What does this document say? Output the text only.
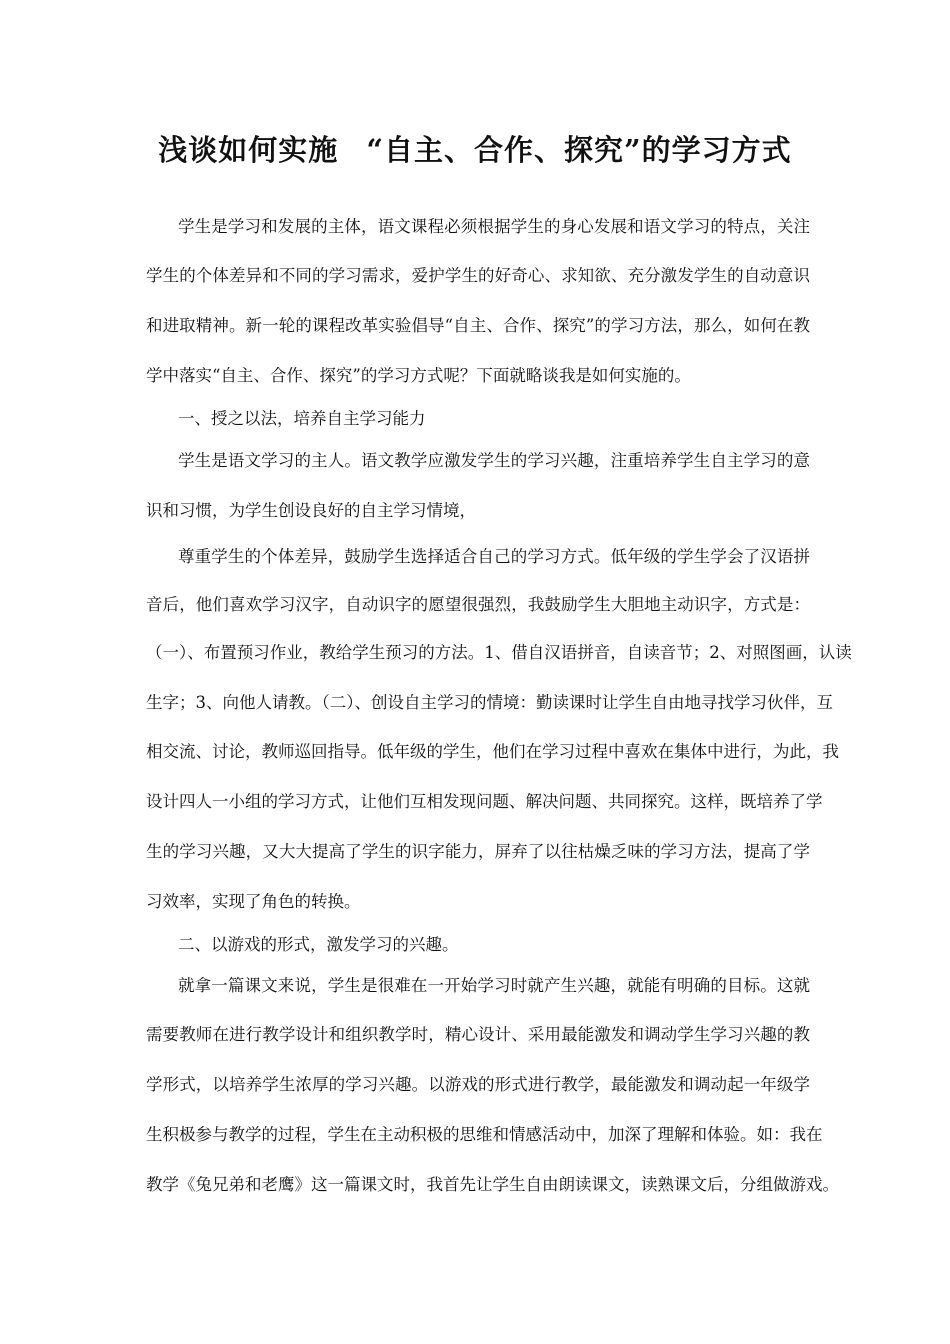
浅谈如何实施 “自主、合作、探究”的学习方式
学生是学习和发展的主体，语文课程必须根据学生的身心发展和语文学习的特点，关注
学生的个体差异和不同的学习需求，爱护学生的好奇心、求知欲、充分激发学生的自动意识
和进取精神。新一轮的课程改革实验倡导“自主、合作、探究”的学习方法，那么，如何在教
学中落实“自主、合作、探究”的学习方式呢？下面就略谈我是如何实施的。
一、授之以法，培养自主学习能力
学生是语文学习的主人。语文教学应激发学生的学习兴趣，注重培养学生自主学习的意
识和习惯，为学生创设良好的自主学习情境，
尊重学生的个体差异，鼓励学生选择适合自己的学习方式。低年级的学生学会了汉语拼
音后，他们喜欢学习汉字，自动识字的愿望很强烈，我鼓励学生大胆地主动识字，方式是：
（一）、布置预习作业，教给学生预习的方法。1、借自汉语拼音，自读音节；2、对照图画，认读
生字；3、向他人请教。（二）、创设自主学习的情境：勤读课时让学生自由地寻找学习伙伴，互
相交流、讨论，教师巡回指导。低年级的学生，他们在学习过程中喜欢在集体中进行，为此，我
设计四人一小组的学习方式，让他们互相发现问题、解决问题、共同探究。这样，既培养了学
生的学习兴趣，又大大提高了学生的识字能力，屏弃了以往枯燥乏味的学习方法，提高了学
习效率，实现了角色的转换。
二、以游戏的形式，激发学习的兴趣。
就拿一篇课文来说，学生是很难在一开始学习时就产生兴趣，就能有明确的目标。这就
需要教师在进行教学设计和组织教学时，精心设计、采用最能激发和调动学生学习兴趣的教
学形式，以培养学生浓厚的学习兴趣。以游戏的形式进行教学，最能激发和调动起一年级学
生积极参与教学的过程，学生在主动积极的思维和情感活动中，加深了理解和体验。如：我在
教学《兔兄弟和老鹰》这一篇课文时，我首先让学生自由朗读课文，读熟课文后，分组做游戏。
